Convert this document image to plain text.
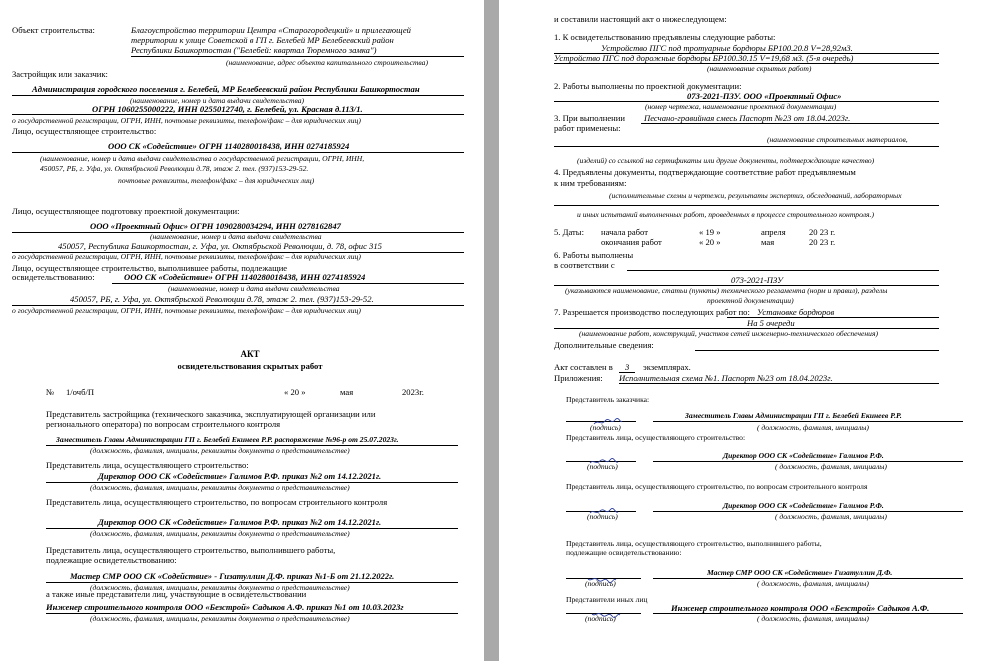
Объект строительства:	Благоустройство территории Центра «Старогородецкий» и прилегающей
территории к улице Советской в ГП г. Белебей МР Белебеевский район
Республики Башкортостан ("Белебей: квартал Тюремного замка")
(наименование, адрес объекта капитального строительства)
Застройщик или заказчик:
Администрация городского поселения г. Белебей, МР Белебеевский район Республики Башкортостан
(наименование, номер и дата выдачи свидетельства)
ОГРН 1060255000222, ИНН 0255012740, г. Белебей, ул. Красная д.113/1.
о государственной регистрации, ОГРН, ИНН, почтовые реквизиты, телефон/факс – для юридических лиц)
Лицо, осуществляющее строительство:
ООО СК «Содействие» ОГРН 1140280018438, ИНН 0274185924
(наименование, номер и дата выдачи свидетельства о государственной регистрации, ОГРН, ИНН,
450057, РБ, г. Уфа, ул. Октябрьской Революции д.78, этаж 2. тел. (937)153-29-52.
почтовые реквизиты, телефон/факс – для юридических лиц)
Лицо, осуществляющее подготовку проектной документации:
ООО «Проектный Офис» ОГРН 1090280034294, ИНН 0278162847
(наименование, номер и дата выдачи свидетельства
450057, Республика Башкортостан, г. Уфа, ул. Октябрьской Революции, д. 78, офис 315
о государственной регистрации, ОГРН, ИНН, почтовые реквизиты, телефон/факс – для юридических лиц)
Лицо, осуществляющее строительство, выполнившее работы, подлежащие
освидетельствованию:	ООО СК «Содействие» ОГРН 1140280018438, ИНН 0274185924
(наименование, номер и дата выдачи свидетельства
450057, РБ, г. Уфа, ул. Октябрьской Революции д.78, этаж 2. тел. (937)153-29-52.
о государственной регистрации, ОГРН, ИНН, почтовые реквизиты, телефон/факс – для юридических лиц)
АКТ
освидетельствования скрытых работ
№ 1/очб/П	« 20 »	мая	2023г.
Представитель застройщика (технического заказчика, эксплуатирующей организации или
регионального оператора) по вопросам строительного контроля
Заместитель Главы Администрации ГП г. Белебей Екинеев Р.Р. распоряжение №96-р от 25.07.2023г.
(должность, фамилия, инициалы, реквизиты документа о представительстве)
Представитель лица, осуществляющего строительство:
Директор ООО СК «Содействие» Галимов Р.Ф. приказ №2 от 14.12.2021г.
(должность, фамилия, инициалы, реквизиты документа о представительстве)
Представитель лица, осуществляющего строительство, по вопросам строительного контроля
Директор ООО СК «Содействие» Галимов Р.Ф. приказ №2 от 14.12.2021г.
(должность, фамилия, инициалы, реквизиты документа о представительстве)
Представитель лица, осуществляющего строительство, выполнившего работы,
подлежащие освидетельствованию:
Мастер СМР ООО СК «Содействие» - Гизатуллин Д.Ф. приказ №1-Б от 21.12.2022г.
(должность, фамилия, инициалы, реквизиты документа о представительстве)
а также иные представители лиц, участвующие в освидетельствовании
Инженер строительного контроля ООО «Безстрой» Садыков А.Ф. приказ №1 от 10.03.2023г
(должность, фамилия, инициалы, реквизиты документа о представительстве)
и составили настоящий акт о нижеследующем:
1. К освидетельствованию предъявлены следующие работы:
Устройство ПГС под тротуарные бордюры БР100.20.8 V=28,92м3.
Устройство ПГС под дорожные бордюры БР100.30.15 V=19,68 м3. (5-я очередь)
(наименование скрытых работ)
2. Работы выполнены по проектной документации:
073-2021-ПЗУ. ООО «Проектный Офис»
(номер чертежа, наименование проектной документации)
3. При выполнении Песчано-гравийная смесь Паспорт №23 от 18.04.2023г.
работ применены:
(наименование строительных материалов,
(изделий) со ссылкой на сертификаты или другие документы, подтверждающие качество)
4. Предъявлены документы, подтверждающие соответствие работ предъявляемым
к ним требованиям:
(исполнительные схемы и чертежи, результаты экспертиз, обследований, лабораторных
и иных испытаний выполненных работ, проведенных в процессе строительного контроля.)
5. Даты: начала работ	« 19 »	апреля	20 23 г.
окончания работ	« 20 »	мая	20 23 г.
6. Работы выполнены
в соответствии с
073-2021-ПЗУ
(указываются наименование, статьи (пункты) технического регламента (норм и правил), разделы
проектной документации)
7. Разрешается производство последующих работ по: Установке бордюров
На 5 очереди
(наименование работ, конструкций, участков сетей инженерно-технического обеспечения)
Дополнительные сведения:
Акт составлен в 3 экземплярах.
Приложения: Исполнительная схема №1. Паспорт №23 от 18.04.2023г.
Представитель заказчика:
Заместитель Главы Администрации ГП г. Белебей Екинеев Р.Р.
(подпись)	( должность, фамилия, инициалы)
Представитель лица, осуществляющего строительство:
Директор ООО СК «Содействие» Галимов Р.Ф.
(подпись)	( должность, фамилия, инициалы)
Представитель лица, осуществляющего строительство, по вопросам строительного контроля
Директор ООО СК «Содействие» Галимов Р.Ф.
(подпись)	( должность, фамилия, инициалы)
Представитель лица, осуществляющего строительство, выполнившего работы,
подлежащие освидетельствованию:
Мастер СМР ООО СК «Содействие» Гизатуллин Д.Ф.
(подпись)	( должность, фамилия, инициалы)
Представители иных лиц
Инженер строительного контроля ООО «Безстрой» Садыков А.Ф.
(подпись)	( должность, фамилия, инициалы)
